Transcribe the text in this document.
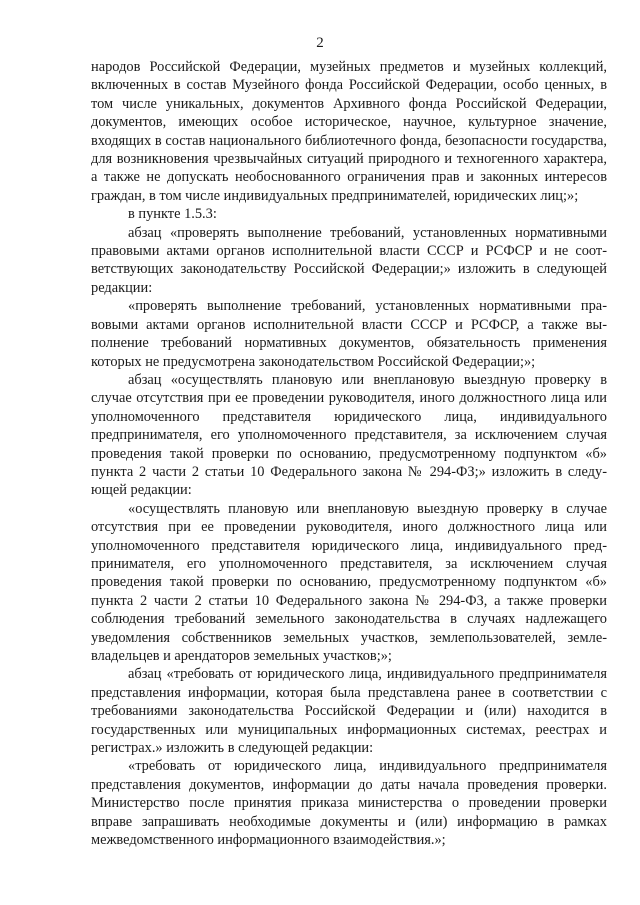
2

народов Российской Федерации, музейных предметов и музейных коллекций, включенных в состав Музейного фонда Российской Федерации, особо ценных, в том числе уникальных, документов Архивного фонда Российской Федерации, документов, имеющих особое историческое, научное, культурное значение, входящих в состав национального библиотечного фонда, безопасности государства, для возникновения чрезвычайных ситуаций природного и техногенного характера, а также не допускать необоснованного ограничения прав и законных интересов граждан, в том числе индивидуальных предпринимателей, юридических лиц;»;

в пункте 1.5.3:

абзац «проверять выполнение требований, установленных нормативными правовыми актами органов исполнительной власти СССР и РСФСР и не соответствующих законодательству Российской Федерации;» изложить в следующей редакции:

«проверять выполнение требований, установленных нормативными правовыми актами органов исполнительной власти СССР и РСФСР, а также выполнение требований нормативных документов, обязательность применения которых не предусмотрена законодательством Российской Федерации;»;

абзац «осуществлять плановую или внеплановую выездную проверку в случае отсутствия при ее проведении руководителя, иного должностного лица или уполномоченного представителя юридического лица, индивидуального предпринимателя, его уполномоченного представителя, за исключением случая проведения такой проверки по основанию, предусмотренному подпунктом «б» пункта 2 части 2 статьи 10 Федерального закона № 294-ФЗ;» изложить в следующей редакции:

«осуществлять плановую или внеплановую выездную проверку в случае отсутствия при ее проведении руководителя, иного должностного лица или уполномоченного представителя юридического лица, индивидуального предпринимателя, его уполномоченного представителя, за исключением случая проведения такой проверки по основанию, предусмотренному подпунктом «б» пункта 2 части 2 статьи 10 Федерального закона № 294-ФЗ, а также проверки соблюдения требований земельного законодательства в случаях надлежащего уведомления собственников земельных участков, землепользователей, землевладельцев и арендаторов земельных участков;»;

абзац «требовать от юридического лица, индивидуального предпринимателя представления информации, которая была представлена ранее в соответствии с требованиями законодательства Российской Федерации и (или) находится в государственных или муниципальных информационных системах, реестрах и регистрах.» изложить в следующей редакции:

«требовать от юридического лица, индивидуального предпринимателя представления документов, информации до даты начала проведения проверки. Министерство после принятия приказа министерства о проведении проверки вправе запрашивать необходимые документы и (или) информацию в рамках межведомственного информационного взаимодействия.»;
